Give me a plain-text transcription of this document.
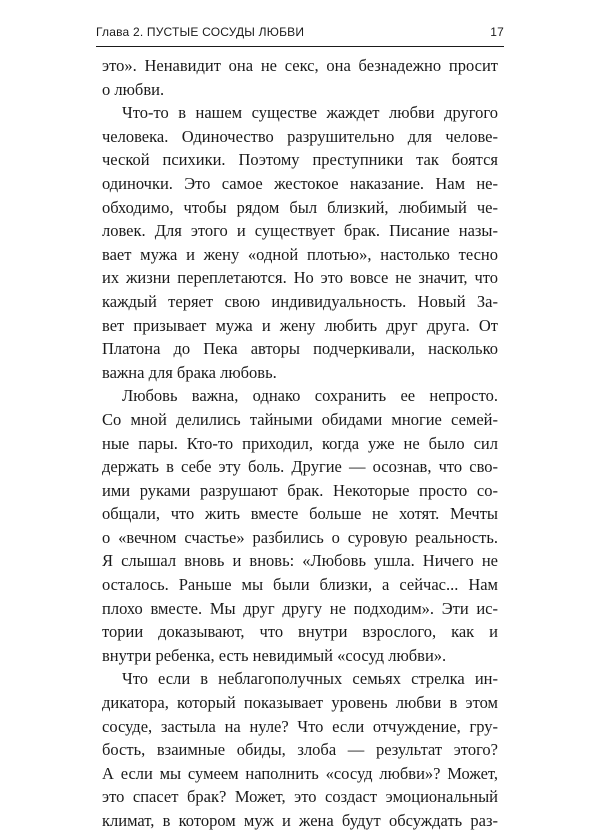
Глава 2. ПУСТЫЕ СОСУДЫ ЛЮБВИ	17
это». Ненавидит она не секс, она безнадежно просит
о любви.
Что-то в нашем существе жаждет любви другого
человека. Одиночество разрушительно для челове-
ческой психики. Поэтому преступники так боятся
одиночки. Это самое жестокое наказание. Нам не-
обходимо, чтобы рядом был близкий, любимый че-
ловек. Для этого и существует брак. Писание назы-
вает мужа и жену «одной плотью», настолько тесно
их жизни переплетаются. Но это вовсе не значит, что
каждый теряет свою индивидуальность. Новый За-
вет призывает мужа и жену любить друг друга. От
Платона до Пека авторы подчеркивали, насколько
важна для брака любовь.
Любовь важна, однако сохранить ее непросто.
Со мной делились тайными обидами многие семей-
ные пары. Кто-то приходил, когда уже не было сил
держать в себе эту боль. Другие — осознав, что сво-
ими руками разрушают брак. Некоторые просто со-
общали, что жить вместе больше не хотят. Мечты
о «вечном счастье» разбились о суровую реальность.
Я слышал вновь и вновь: «Любовь ушла. Ничего не
осталось. Раньше мы были близки, а сейчас... Нам
плохо вместе. Мы друг другу не подходим». Эти ис-
тории доказывают, что внутри взрослого, как и
внутри ребенка, есть невидимый «сосуд любви».
Что если в неблагополучных семьях стрелка ин-
дикатора, который показывает уровень любви в этом
сосуде, застыла на нуле? Что если отчуждение, гру-
бость, взаимные обиды, злоба — результат этого?
А если мы сумеем наполнить «сосуд любви»? Может,
это спасет брак? Может, это создаст эмоциональный
климат, в котором муж и жена будут обсуждать раз-
